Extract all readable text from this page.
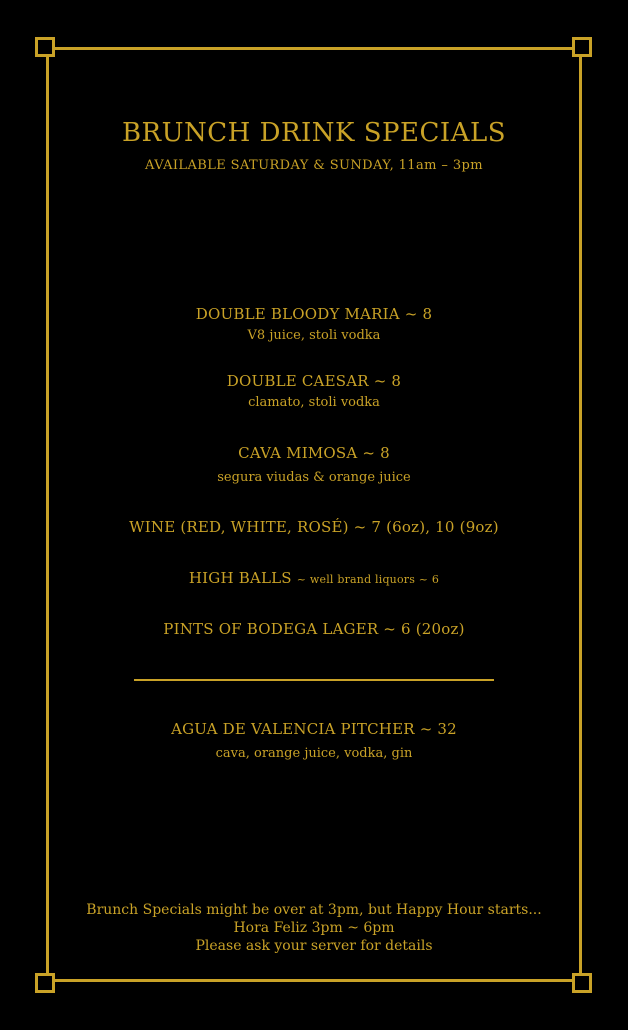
BRUNCH DRINK SPECIALS
AVAILABLE SATURDAY & SUNDAY, 11am – 3pm
DOUBLE BLOODY MARIA ~ 8
V8 juice, stoli vodka
DOUBLE CAESAR ~ 8
clamato, stoli vodka
CAVA MIMOSA ~ 8
segura viudas & orange juice
WINE (RED, WHITE, ROSÉ) ~ 7 (6oz), 10 (9oz)
HIGH BALLS ~ well brand liquors ~ 6
PINTS OF BODEGA LAGER ~ 6 (20oz)
AGUA DE VALENCIA PITCHER ~ 32
cava, orange juice, vodka, gin
Brunch Specials might be over at 3pm, but Happy Hour starts...
Hora Feliz 3pm ~ 6pm
Please ask your server for details
